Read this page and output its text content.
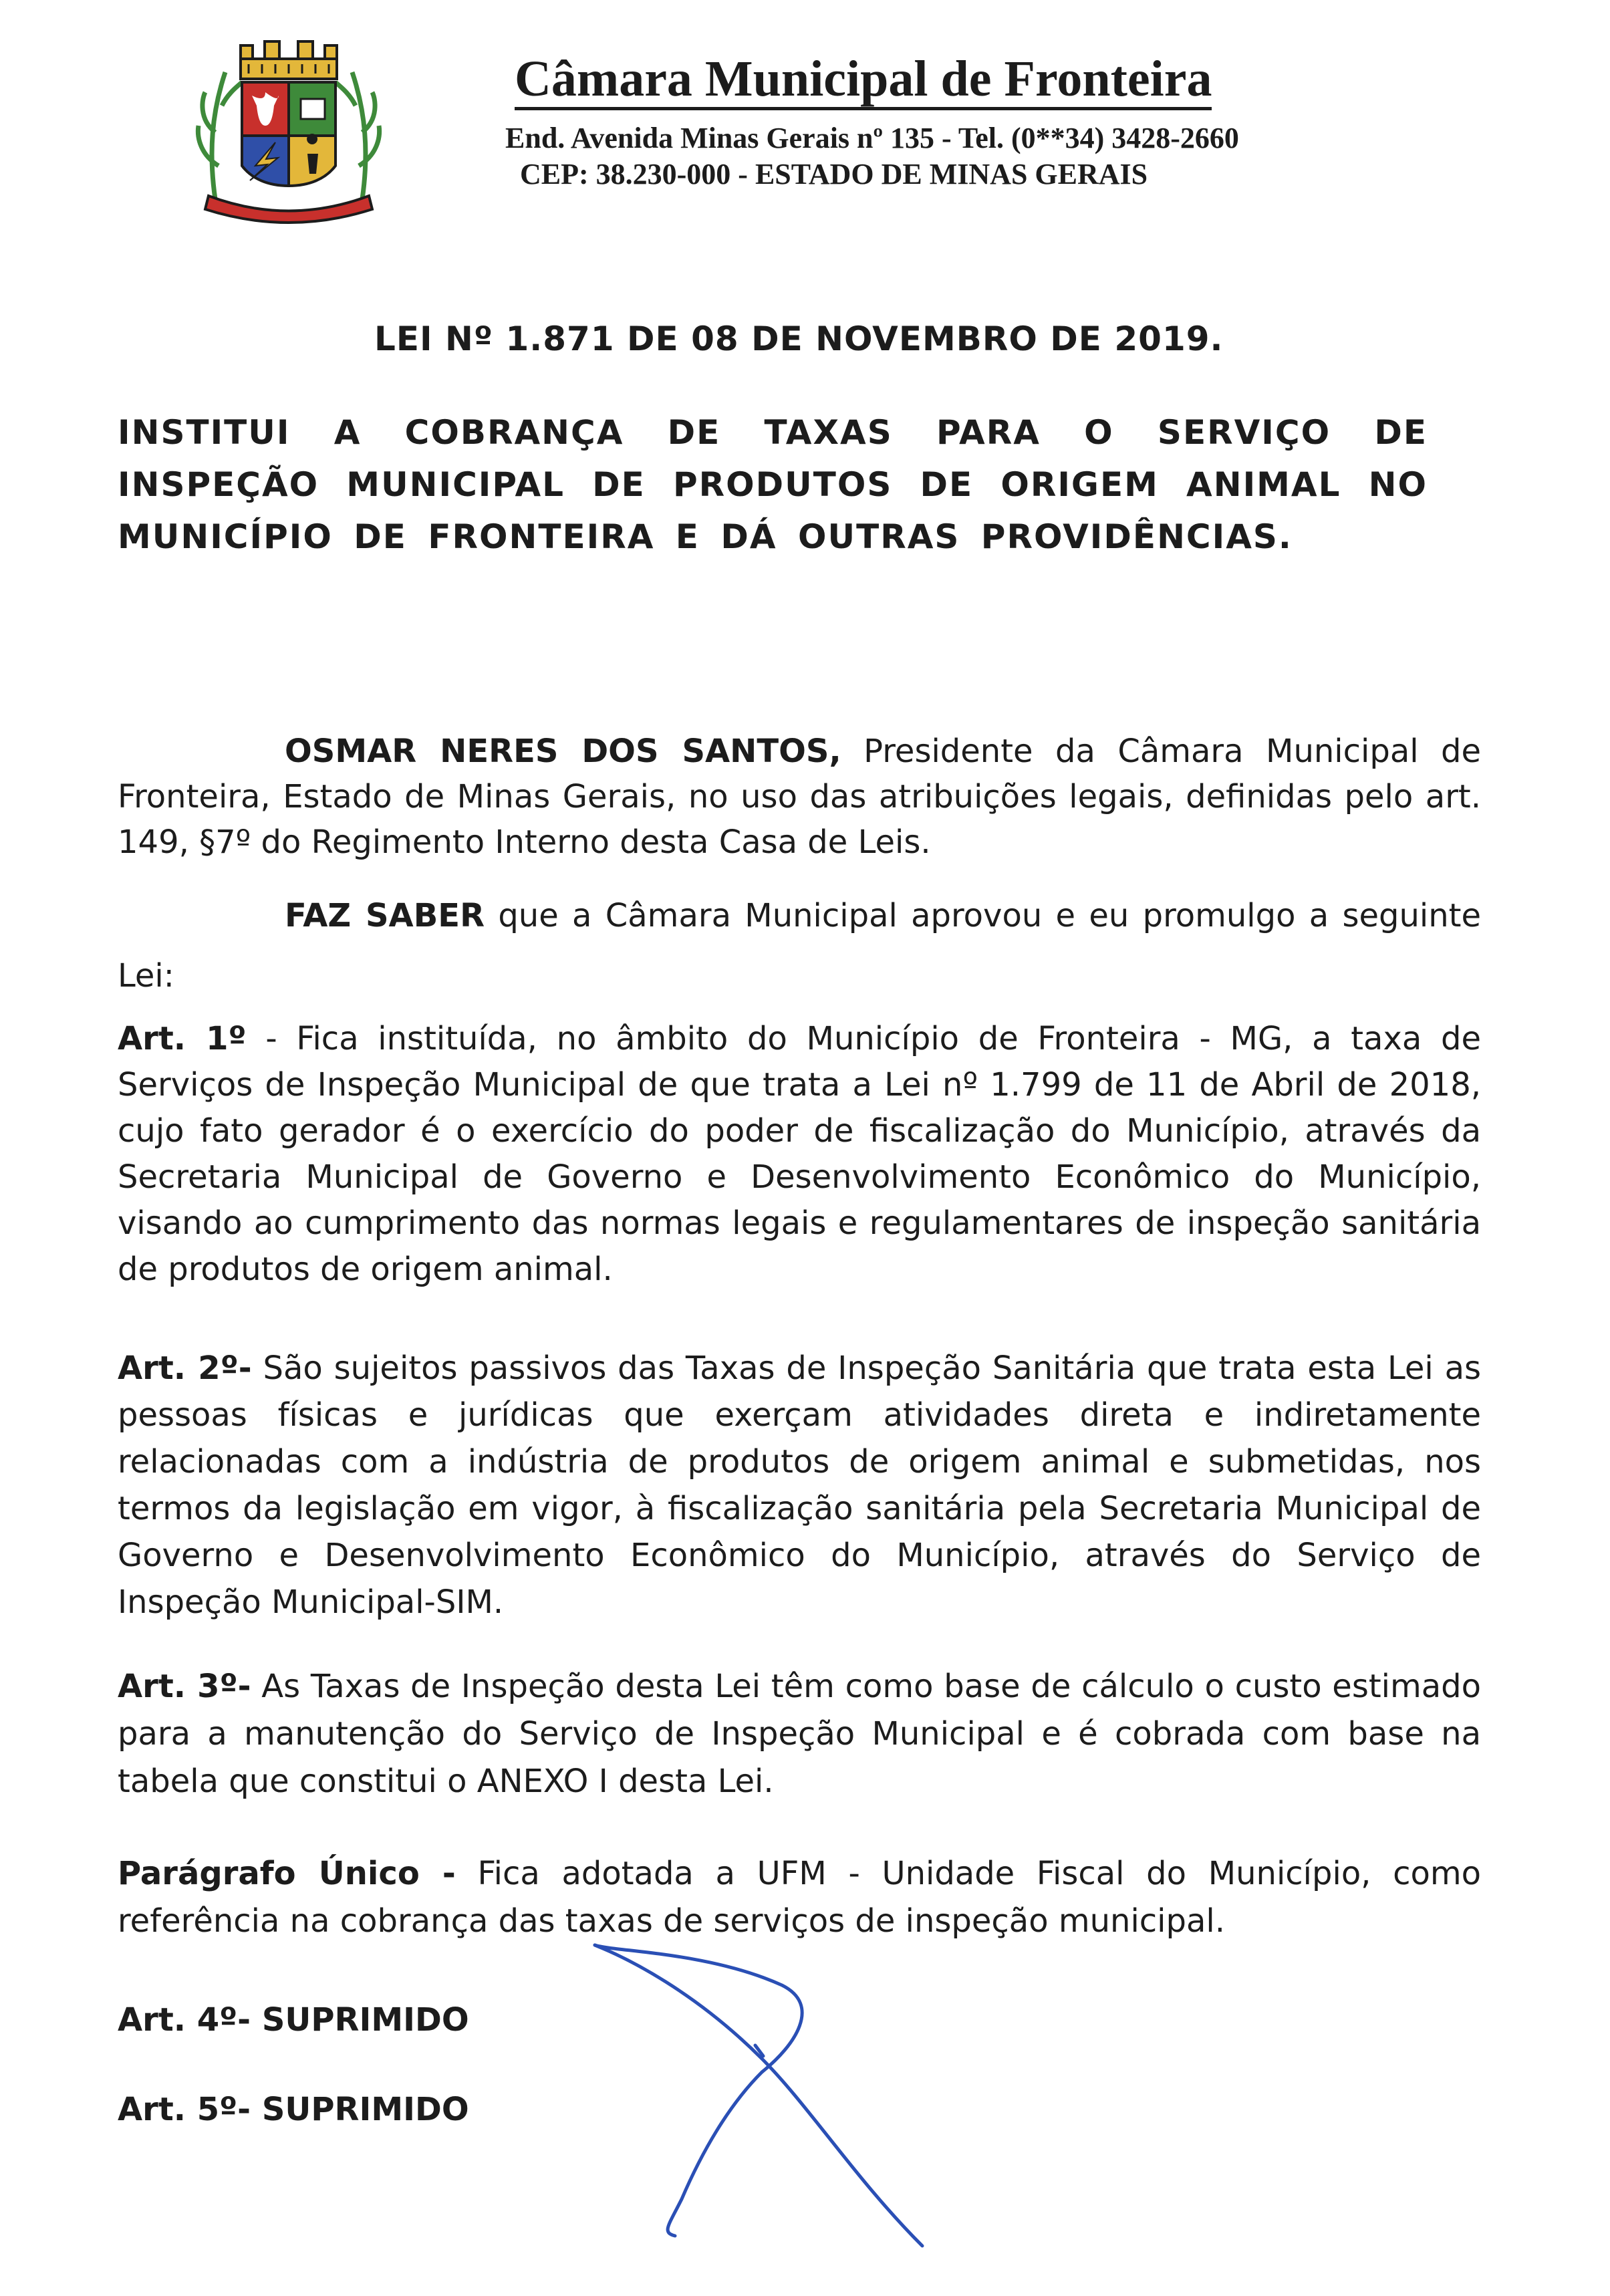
Câmara Municipal de Fronteira
End. Avenida Minas Gerais nº 135 - Tel. (0**34) 3428-2660
CEP: 38.230-000 - ESTADO DE MINAS GERAIS

LEI Nº 1.871 DE 08 DE NOVEMBRO DE 2019.

INSTITUI A COBRANÇA DE TAXAS PARA O SERVIÇO DE INSPEÇÃO MUNICIPAL DE PRODUTOS DE ORIGEM ANIMAL NO MUNICÍPIO DE FRONTEIRA E DÁ OUTRAS PROVIDÊNCIAS.

OSMAR NERES DOS SANTOS, Presidente da Câmara Municipal de Fronteira, Estado de Minas Gerais, no uso das atribuições legais, definidas pelo art. 149, §7º do Regimento Interno desta Casa de Leis.

FAZ SABER que a Câmara Municipal aprovou e eu promulgo a seguinte Lei:

Art. 1º - Fica instituída, no âmbito do Município de Fronteira - MG, a taxa de Serviços de Inspeção Municipal de que trata a Lei nº 1.799 de 11 de Abril de 2018, cujo fato gerador é o exercício do poder de fiscalização do Município, através da Secretaria Municipal de Governo e Desenvolvimento Econômico do Município, visando ao cumprimento das normas legais e regulamentares de inspeção sanitária de produtos de origem animal.

Art. 2º- São sujeitos passivos das Taxas de Inspeção Sanitária que trata esta Lei as pessoas físicas e jurídicas que exerçam atividades direta e indiretamente relacionadas com a indústria de produtos de origem animal e submetidas, nos termos da legislação em vigor, à fiscalização sanitária pela Secretaria Municipal de Governo e Desenvolvimento Econômico do Município, através do Serviço de Inspeção Municipal-SIM.

Art. 3º- As Taxas de Inspeção desta Lei têm como base de cálculo o custo estimado para a manutenção do Serviço de Inspeção Municipal e é cobrada com base na tabela que constitui o ANEXO I desta Lei.

Parágrafo Único - Fica adotada a UFM - Unidade Fiscal do Município, como referência na cobrança das taxas de serviços de inspeção municipal.

Art. 4º- SUPRIMIDO

Art. 5º- SUPRIMIDO
